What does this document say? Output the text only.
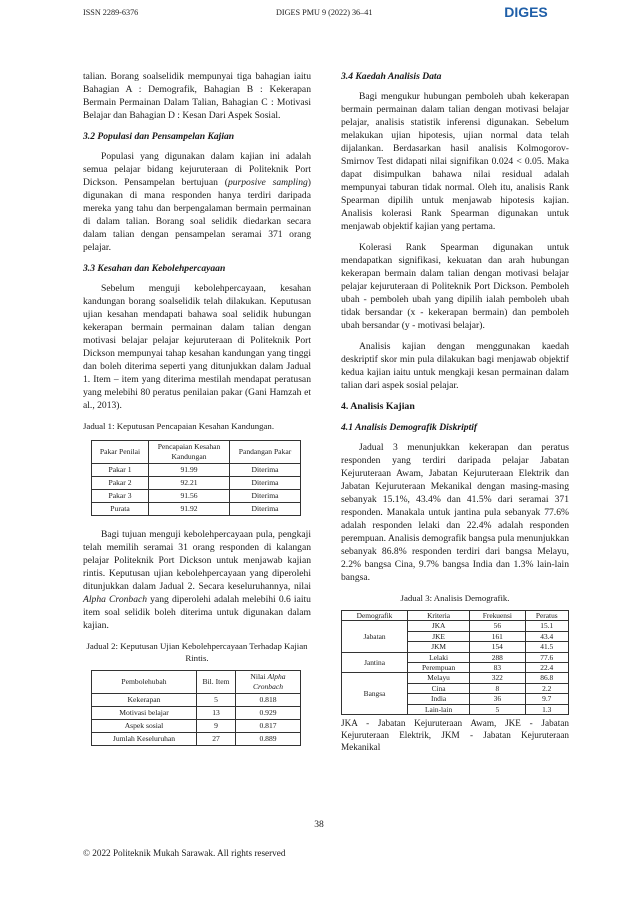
ISSN 2289-6376	DIGES PMU 9 (2022) 36–41	DIGES

talian. Borang soalselidik mempunyai tiga bahagian iaitu Bahagian A : Demografik, Bahagian B : Kekerapan Bermain Permainan Dalam Talian, Bahagian C : Motivasi Belajar dan Bahagian D : Kesan Dari Aspek Sosial.

3.2 Populasi dan Pensampelan Kajian

Populasi yang digunakan dalam kajian ini adalah semua pelajar bidang kejuruteraan di Politeknik Port Dickson. Pensampelan bertujuan (purposive sampling) digunakan di mana responden hanya terdiri daripada mereka yang tahu dan berpengalaman bermain permainan di dalam talian. Borang soal selidik diedarkan secara dalam talian dengan pensampelan seramai 371 orang pelajar.

3.3 Kesahan dan Kebolehpercayaan

Sebelum menguji kebolehpercayaan, kesahan kandungan borang soalselidik telah dilakukan. Keputusan ujian kesahan mendapati bahawa soal selidik hubungan kekerapan bermain permainan dalam talian dengan motivasi belajar pelajar kejuruteraan di Politeknik Port Dickson mempunyai tahap kesahan kandungan yang tinggi dan boleh diterima seperti yang ditunjukkan dalam Jadual 1. Item – item yang diterima mestilah mendapat peratusan yang melebihi 80 peratus penilaian pakar (Gani Hamzah et al., 2013).

Jadual 1: Keputusan Pencapaian Kesahan Kandungan.
Pakar Penilai	Pencapaian Kesahan Kandungan	Pandangan Pakar
Pakar 1	91.99	Diterima
Pakar 2	92.21	Diterima
Pakar 3	91.56	Diterima
Purata	91.92	Diterima

Bagi tujuan menguji kebolehpercayaan pula, pengkaji telah memilih seramai 31 orang responden di kalangan pelajar Politeknik Port Dickson untuk menjawab kajian rintis. Keputusan ujian kebolehpercayaan yang diperolehi ditunjukkan dalam Jadual 2. Secara keseluruhannya, nilai Alpha Cronbach yang diperolehi adalah melebihi 0.6 iaitu item soal selidik boleh diterima untuk digunakan dalam kajian.

Jadual 2: Keputusan Ujian Kebolehpercayaan Terhadap Kajian Rintis.
Pembolehubah	Bil. Item	Nilai Alpha Cronbach
Kekerapan	5	0.818
Motivasi belajar	13	0.929
Aspek sosial	9	0.817
Jumlah Keseluruhan	27	0.889
3.4 Kaedah Analisis Data

Bagi mengukur hubungan pemboleh ubah kekerapan bermain permainan dalam talian dengan motivasi belajar pelajar, analisis statistik inferensi digunakan. Sebelum melakukan ujian hipotesis, ujian normal data telah dijalankan. Berdasarkan hasil analisis Kolmogorov-Smirnov Test didapati nilai signifikan 0.024 < 0.05. Maka dapat disimpulkan bahawa nilai residual adalah mempunyai taburan tidak normal. Oleh itu, analisis Rank Spearman dipilih untuk menjawab hipotesis kajian. Analisis kolerasi Rank Spearman digunakan untuk menjawab objektif kajian yang pertama.

Kolerasi Rank Spearman digunakan untuk mendapatkan signifikasi, kekuatan dan arah hubungan kekerapan bermain dalam talian dengan motivasi belajar pelajar kejuruteraan di Politeknik Port Dickson. Pemboleh ubah - pemboleh ubah yang dipilih ialah pemboleh ubah tidak bersandar (x - kekerapan bermain) dan pemboleh ubah bersandar (y - motivasi belajar).

Analisis kajian dengan menggunakan kaedah deskriptif skor min pula dilakukan bagi menjawab objektif kedua kajian iaitu untuk mengkaji kesan permainan dalam talian dari aspek sosial pelajar.

4. Analisis Kajian
4.1 Analisis Demografik Diskriptif

Jadual 3 menunjukkan kekerapan dan peratus responden yang terdiri daripada pelajar Jabatan Kejuruteraan Awam, Jabatan Kejuruteraan Elektrik dan Jabatan Kejuruteraan Mekanikal dengan masing-masing sebanyak 15.1%, 43.4% dan 41.5% dari seramai 371 responden. Manakala untuk jantina pula sebanyak 77.6% adalah responden lelaki dan 22.4% adalah responden perempuan. Analisis demografik bangsa pula menunjukkan sebanyak 86.8% responden terdiri dari bangsa Melayu, 2.2% bangsa Cina, 9.7% bangsa India dan 1.3% lain-lain bangsa.

Jadual 3: Analisis Demografik.
Demografik	Kriteria	Frekuensi	Peratus
Jabatan	JKA	56	15.1
	JKE	161	43.4
	JKM	154	41.5
Jantina	Lelaki	288	77.6
	Perempuan	83	22.4
Bangsa	Melayu	322	86.8
	Cina	8	2.2
	India	36	9.7
	Lain-lain	5	1.3
JKA - Jabatan Kejuruteraan Awam, JKE - Jabatan Kejuruteraan Elektrik, JKM - Jabatan Kejuruteraan Mekanikal
38
© 2022 Politeknik Mukah Sarawak. All rights reserved
